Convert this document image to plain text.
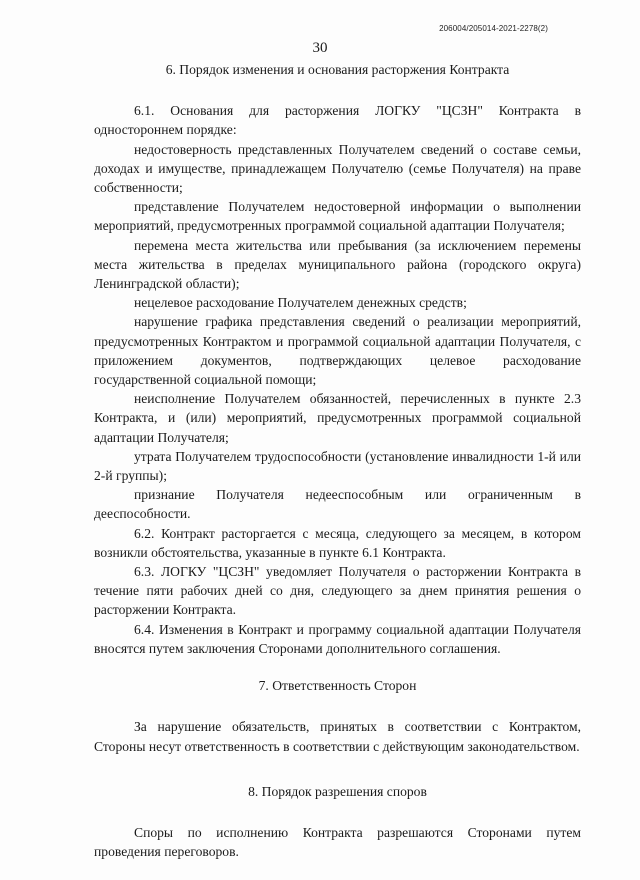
206004/205014-2021-2278(2)
30
6. Порядок изменения и основания расторжения Контракта

6.1. Основания для расторжения ЛОГКУ "ЦСЗН" Контракта в одностороннем порядке:

недостоверность представленных Получателем сведений о составе семьи, доходах и имуществе, принадлежащем Получателю (семье Получателя) на праве собственности;

представление Получателем недостоверной информации о выполнении мероприятий, предусмотренных программой социальной адаптации Получателя;

перемена места жительства или пребывания (за исключением перемены места жительства в пределах муниципального района (городского округа) Ленинградской области);

нецелевое расходование Получателем денежных средств;

нарушение графика представления сведений о реализации мероприятий, предусмотренных Контрактом и программой социальной адаптации Получателя, с приложением документов, подтверждающих целевое расходование государственной социальной помощи;

неисполнение Получателем обязанностей, перечисленных в пункте 2.3 Контракта, и (или) мероприятий, предусмотренных программой социальной адаптации Получателя;

утрата Получателем трудоспособности (установление инвалидности 1-й или 2-й группы);

признание Получателя недееспособным или ограниченным в дееспособности.

6.2. Контракт расторгается с месяца, следующего за месяцем, в котором возникли обстоятельства, указанные в пункте 6.1 Контракта.

6.3. ЛОГКУ "ЦСЗН" уведомляет Получателя о расторжении Контракта в течение пяти рабочих дней со дня, следующего за днем принятия решения о расторжении Контракта.

6.4. Изменения в Контракт и программу социальной адаптации Получателя вносятся путем заключения Сторонами дополнительного соглашения.

7. Ответственность Сторон

За нарушение обязательств, принятых в соответствии с Контрактом, Стороны несут ответственность в соответствии с действующим законодательством.

8. Порядок разрешения споров

Споры по исполнению Контракта разрешаются Сторонами путем проведения переговоров.
